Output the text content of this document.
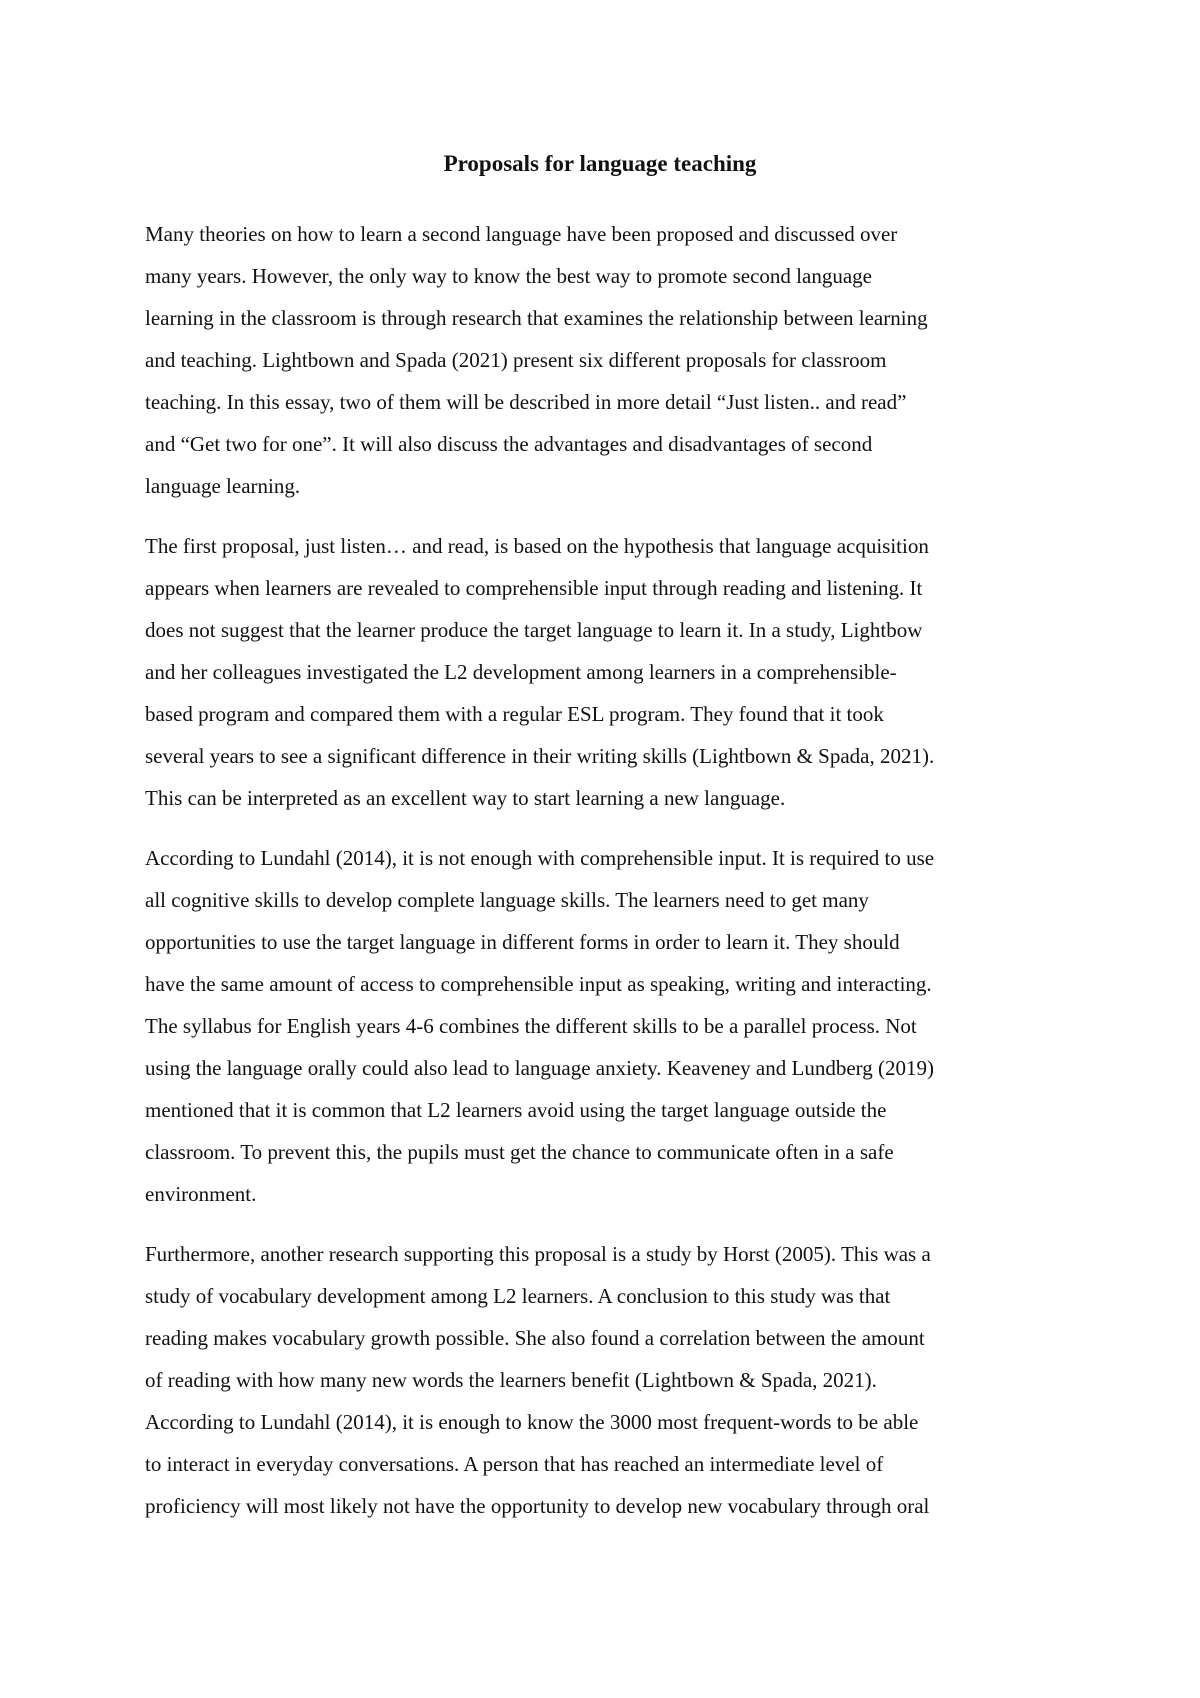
Proposals for language teaching

Many theories on how to learn a second language have been proposed and discussed over
many years. However, the only way to know the best way to promote second language
learning in the classroom is through research that examines the relationship between learning
and teaching. Lightbown and Spada (2021) present six different proposals for classroom
teaching. In this essay, two of them will be described in more detail “Just listen.. and read”
and “Get two for one”. It will also discuss the advantages and disadvantages of second
language learning.

The first proposal, just listen… and read, is based on the hypothesis that language acquisition
appears when learners are revealed to comprehensible input through reading and listening. It
does not suggest that the learner produce the target language to learn it. In a study, Lightbow
and her colleagues investigated the L2 development among learners in a comprehensible-
based program and compared them with a regular ESL program. They found that it took
several years to see a significant difference in their writing skills (Lightbown & Spada, 2021).
This can be interpreted as an excellent way to start learning a new language.

According to Lundahl (2014), it is not enough with comprehensible input. It is required to use
all cognitive skills to develop complete language skills. The learners need to get many
opportunities to use the target language in different forms in order to learn it. They should
have the same amount of access to comprehensible input as speaking, writing and interacting.
The syllabus for English years 4-6 combines the different skills to be a parallel process. Not
using the language orally could also lead to language anxiety. Keaveney and Lundberg (2019)
mentioned that it is common that L2 learners avoid using the target language outside the
classroom. To prevent this, the pupils must get the chance to communicate often in a safe
environment.

Furthermore, another research supporting this proposal is a study by Horst (2005). This was a
study of vocabulary development among L2 learners. A conclusion to this study was that
reading makes vocabulary growth possible. She also found a correlation between the amount
of reading with how many new words the learners benefit (Lightbown & Spada, 2021).
According to Lundahl (2014), it is enough to know the 3000 most frequent-words to be able
to interact in everyday conversations. A person that has reached an intermediate level of
proficiency will most likely not have the opportunity to develop new vocabulary through oral
